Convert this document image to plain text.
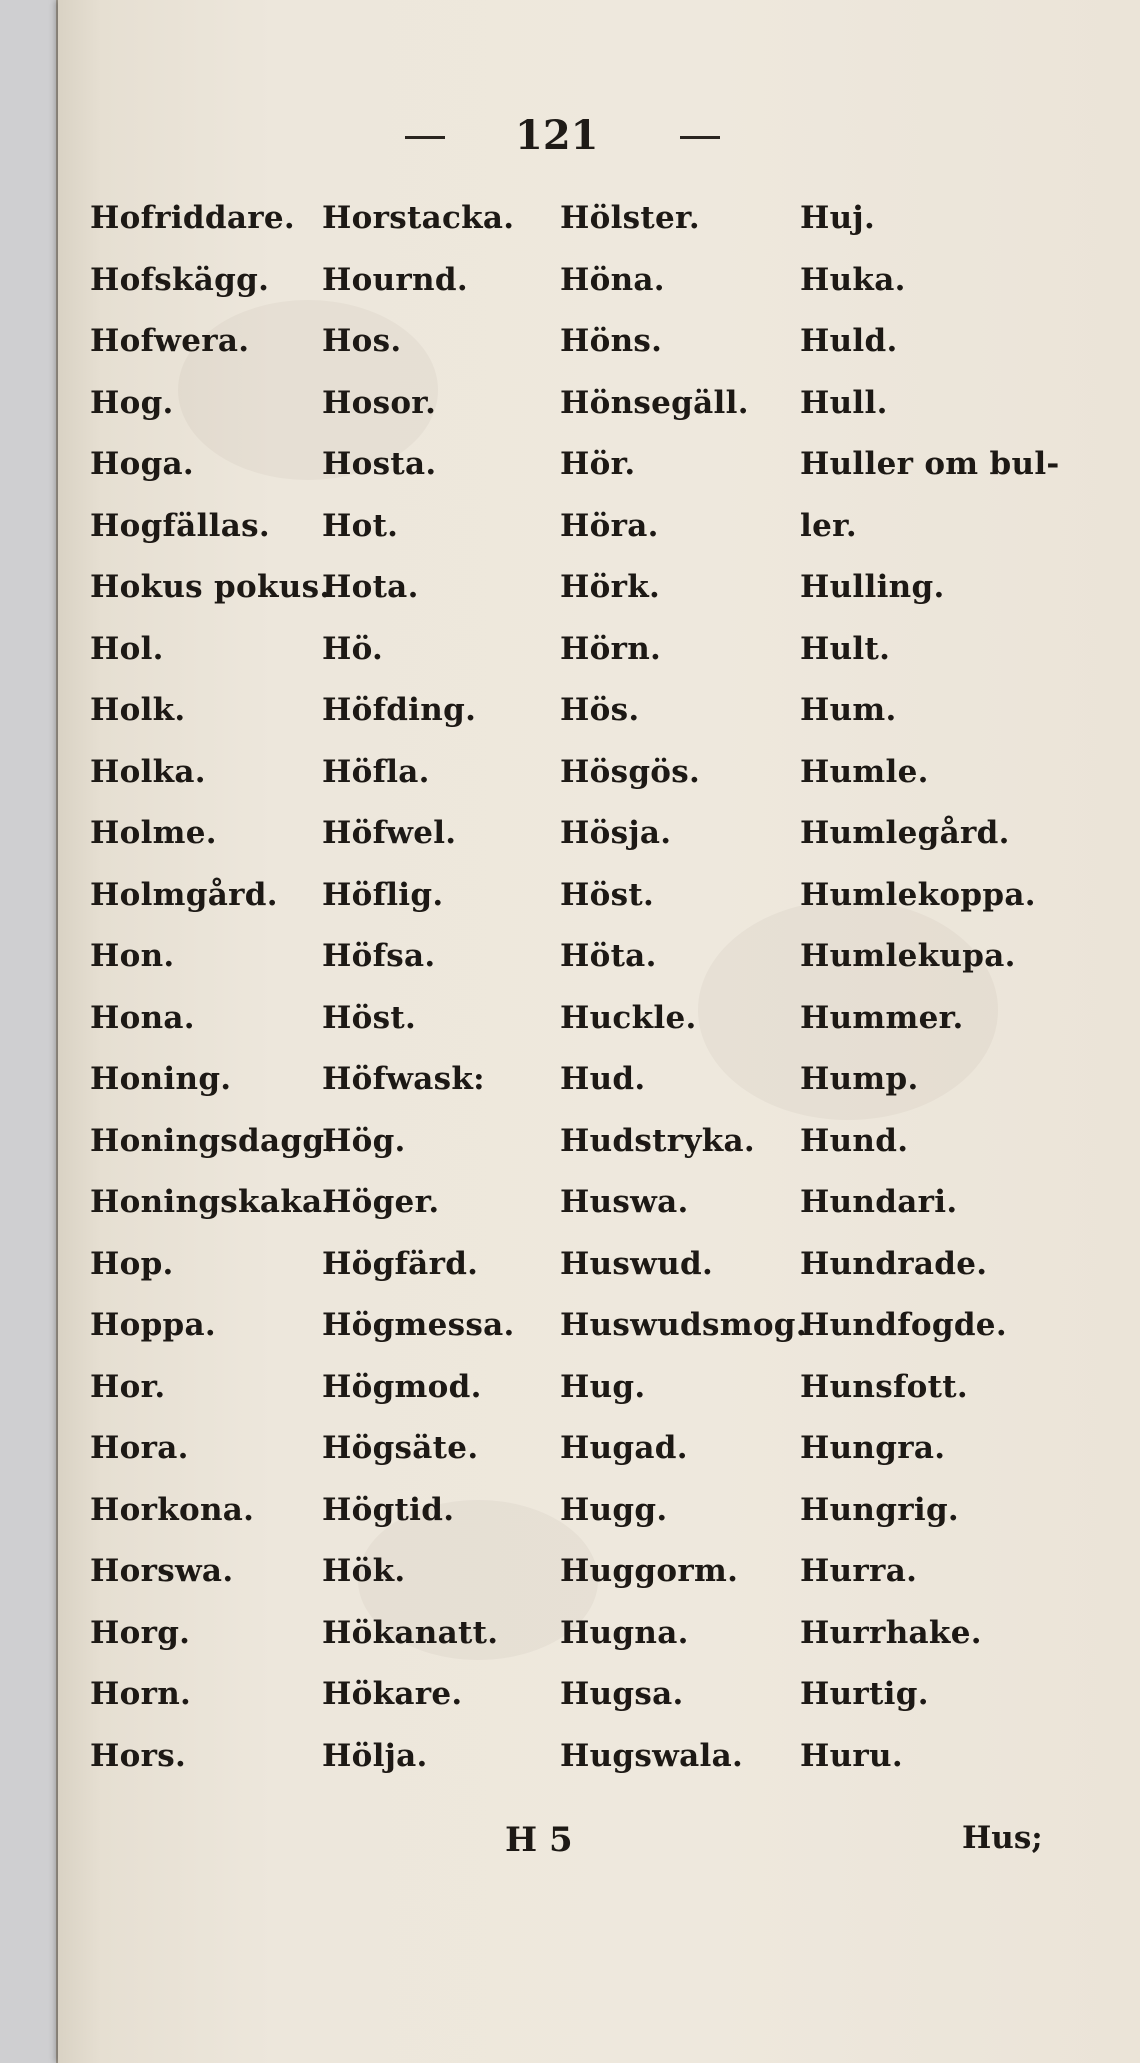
121
Hofriddare.
Hofskägg.
Hofwera.
Hog.
Hoga.
Hogfällas.
Hokus pokus.
Hol.
Holk.
Holka.
Holme.
Holmgård.
Hon.
Hona.
Honing.
Honingsdagg.
Honingskaka.
Hop.
Hoppa.
Hor.
Hora.
Horkona.
Horswa.
Horg.
Horn.
Hors.
Horstacka.
Hournd.
Hos.
Hosor.
Hosta.
Hot.
Hota.
Hö.
Höfding.
Höfla.
Höfwel.
Höflig.
Höfsa.
Höst.
Höfwask:
Hög.
Höger.
Högfärd.
Högmessa.
Högmod.
Högsäte.
Högtid.
Hök.
Hökanatt.
Hökare.
Hölja.
Hölster.
Höna.
Höns.
Hönsegäll.
Hör.
Höra.
Hörk.
Hörn.
Hös.
Hösgös.
Hösja.
Höst.
Höta.
Huckle.
Hud.
Hudstryka.
Huswa.
Huswud.
Huswudsmog.
Hug.
Hugad.
Hugg.
Huggorm.
Hugna.
Hugsa.
Hugswala.
Huj.
Huka.
Huld.
Hull.
Huller om bul-
ler.
Hulling.
Hult.
Hum.
Humle.
Humlegård.
Humlekoppa.
Humlekupa.
Hummer.
Hump.
Hund.
Hundari.
Hundrade.
Hundfogde.
Hunsfott.
Hungra.
Hungrig.
Hurra.
Hurrhake.
Hurtig.
Huru.
H 5	Hus;
